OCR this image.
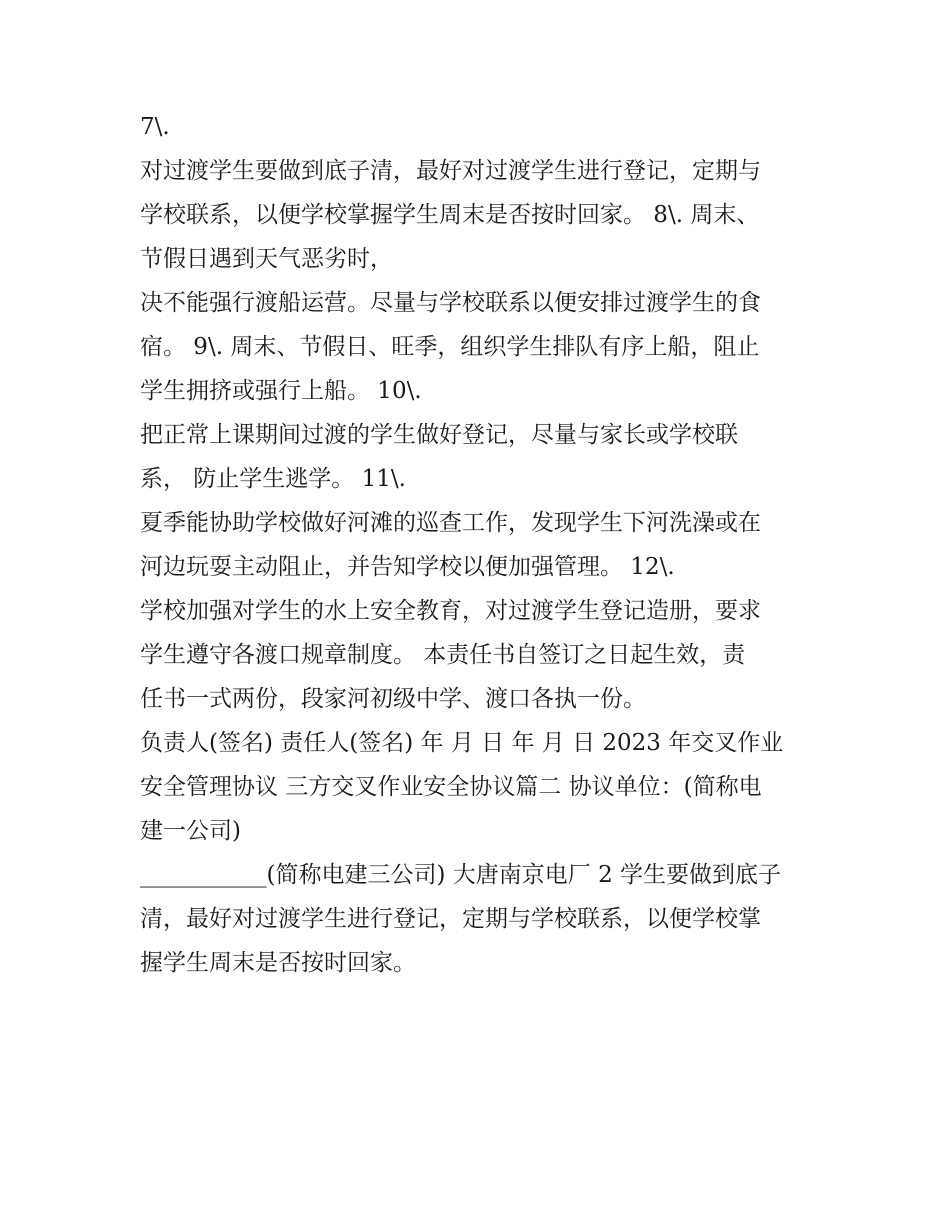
7\.
对过渡学生要做到底子清，最好对过渡学生进行登记，定期与
学校联系，以便学校掌握学生周末是否按时回家。 8\. 周末、
节假日遇到天气恶劣时，
决不能强行渡船运营。尽量与学校联系以便安排过渡学生的食
宿。 9\. 周末、节假日、旺季，组织学生排队有序上船，阻止
学生拥挤或强行上船。 10\.
把正常上课期间过渡的学生做好登记，尽量与家长或学校联
系， 防止学生逃学。 11\.
夏季能协助学校做好河滩的巡查工作，发现学生下河洗澡或在
河边玩耍主动阻止，并告知学校以便加强管理。 12\.
学校加强对学生的水上安全教育，对过渡学生登记造册，要求
学生遵守各渡口规章制度。 本责任书自签订之日起生效，责
任书一式两份，段家河初级中学、渡口各执一份。
负责人(签名) 责任人(签名) 年 月 日 年 月 日 2023 年交叉作业
安全管理协议 三方交叉作业安全协议篇二 协议单位：(简称电
建一公司)
___________(简称电建三公司) 大唐南京电厂 2 学生要做到底子
清，最好对过渡学生进行登记，定期与学校联系，以便学校掌
握学生周末是否按时回家。
